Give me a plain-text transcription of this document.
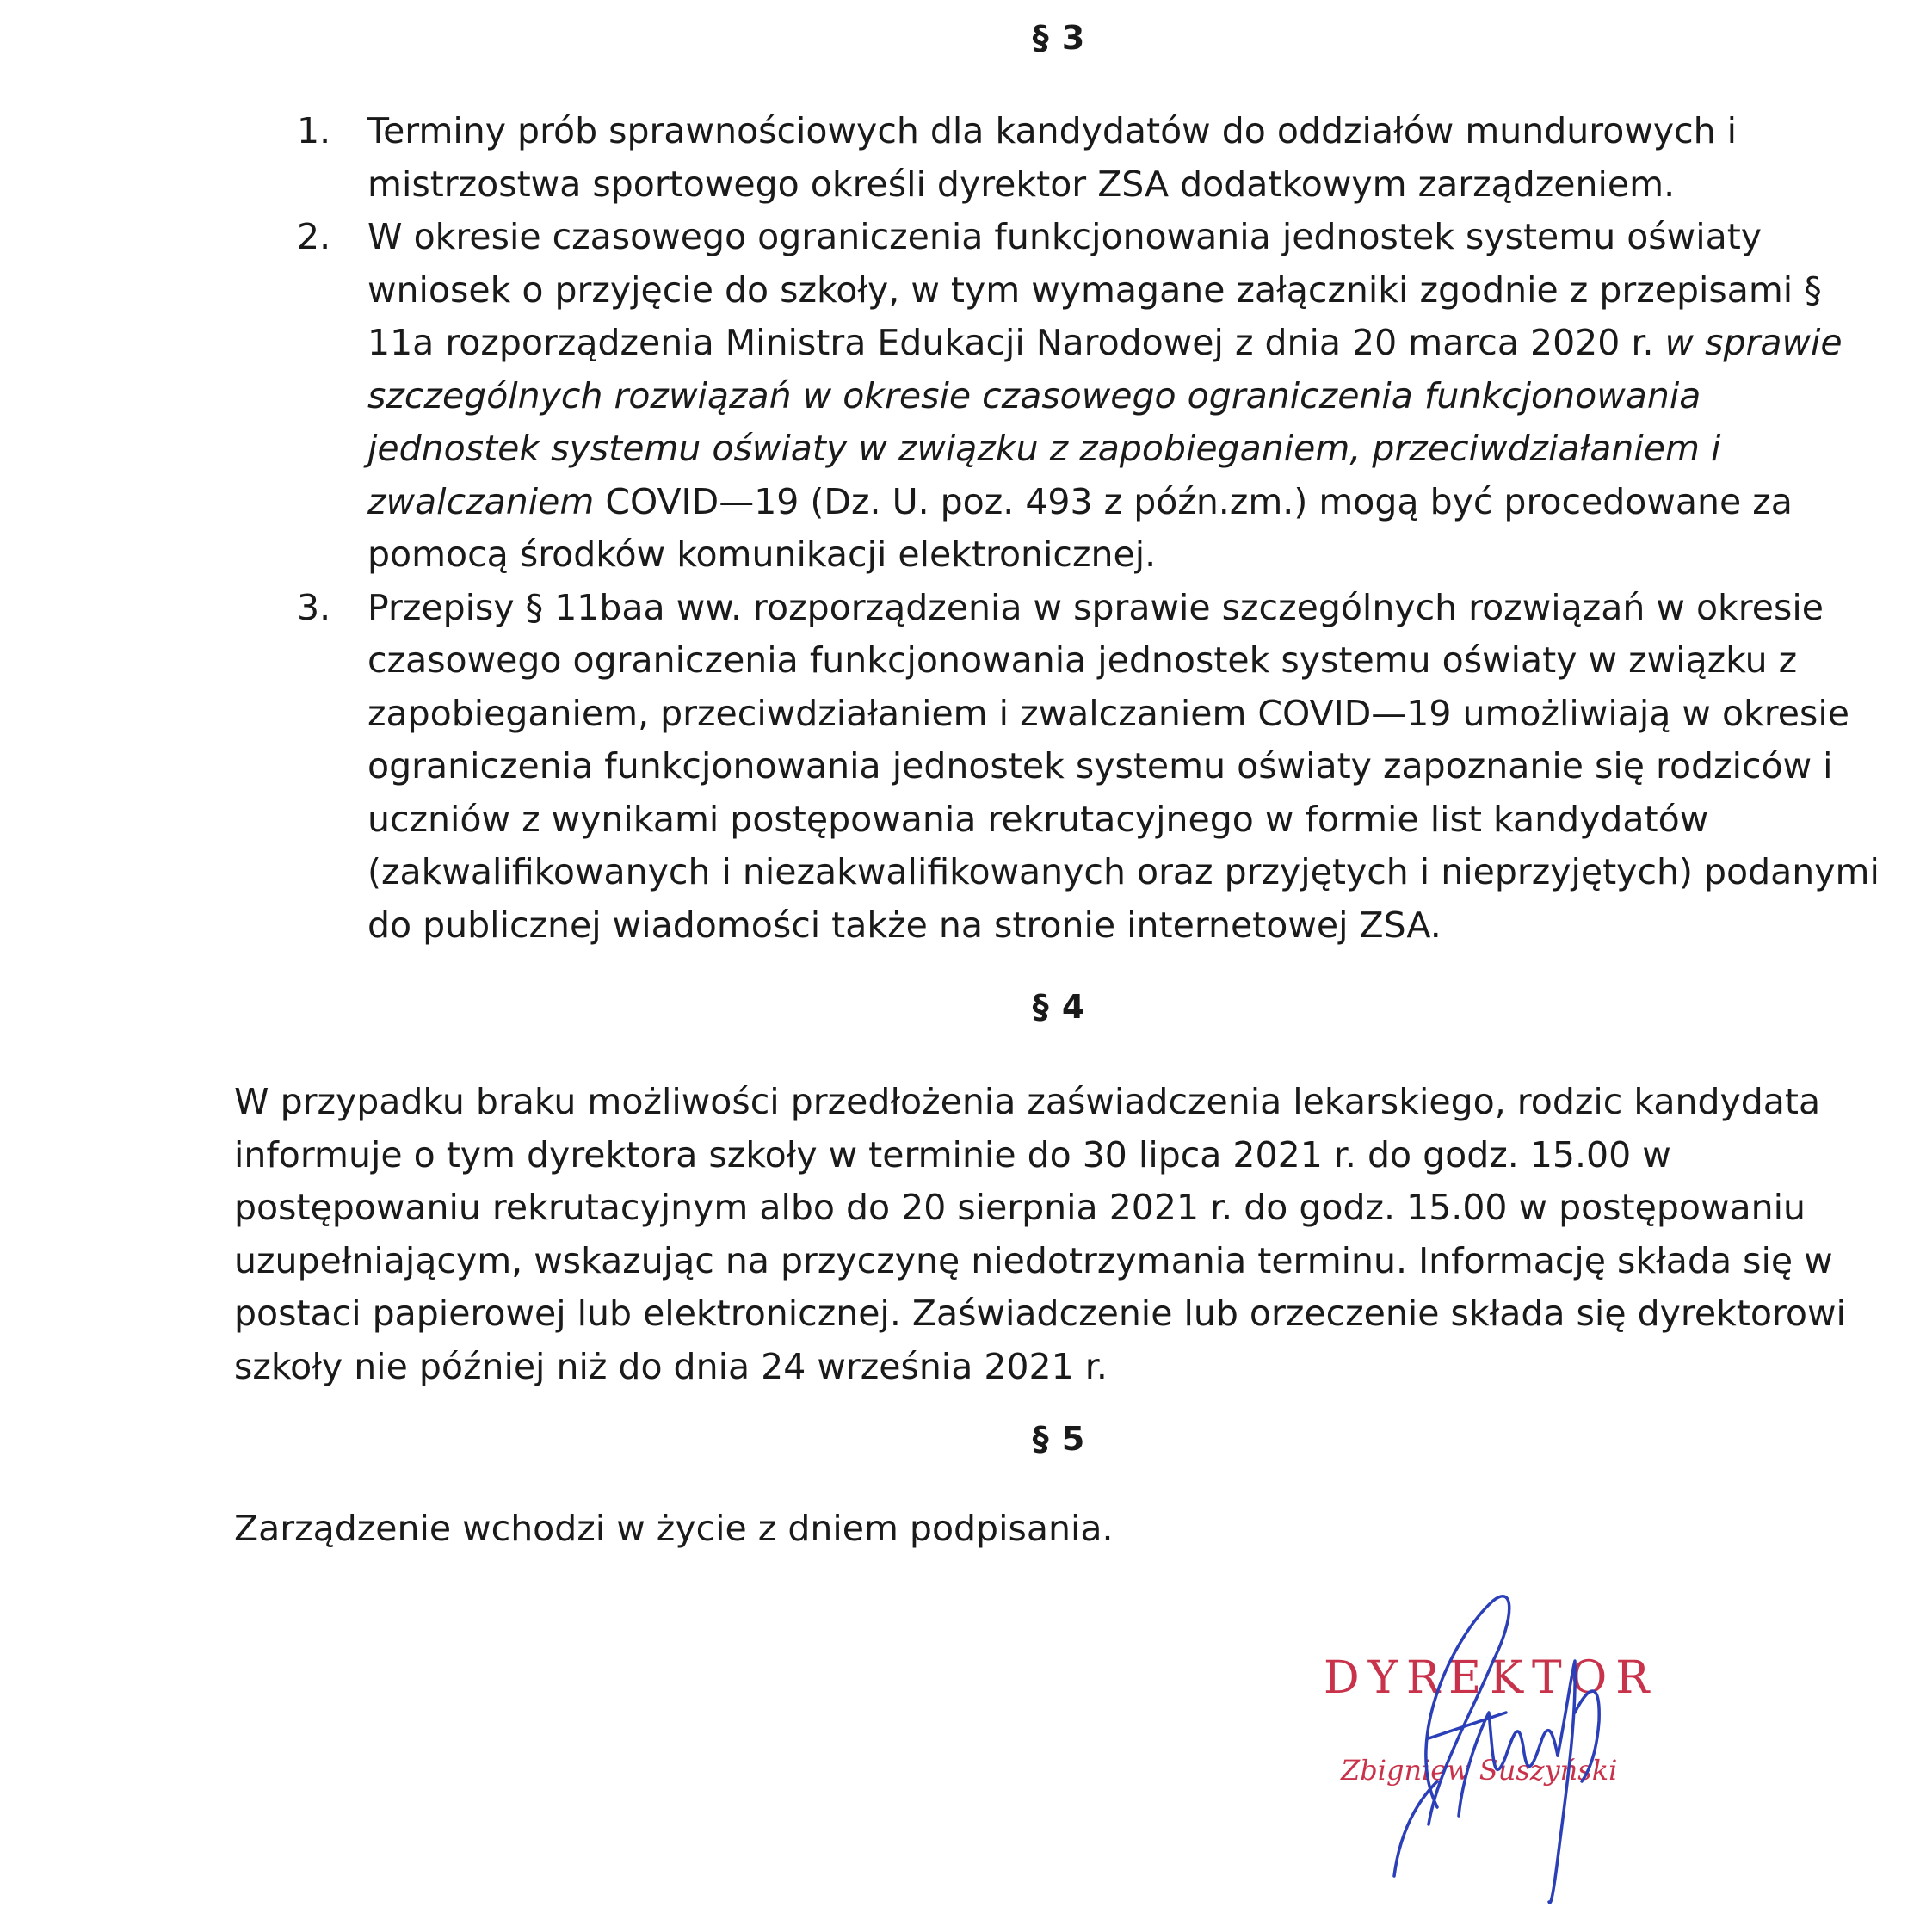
§ 3
1. Terminy prób sprawnościowych dla kandydatów do oddziałów mundurowych i mistrzostwa sportowego określi dyrektor ZSA dodatkowym zarządzeniem.
2. W okresie czasowego ograniczenia funkcjonowania jednostek systemu oświaty wniosek o przyjęcie do szkoły, w tym wymagane załączniki zgodnie z przepisami § 11a rozporządzenia Ministra Edukacji Narodowej z dnia 20 marca 2020 r. w sprawie szczególnych rozwiązań w okresie czasowego ograniczenia funkcjonowania jednostek systemu oświaty w związku z zapobieganiem, przeciwdziałaniem i zwalczaniem COVID—19 (Dz. U. poz. 493 z późn.zm.) mogą być procedowane za pomocą środków komunikacji elektronicznej.
3. Przepisy § 11baa ww. rozporządzenia w sprawie szczególnych rozwiązań w okresie czasowego ograniczenia funkcjonowania jednostek systemu oświaty w związku z zapobieganiem, przeciwdziałaniem i zwalczaniem COVID—19 umożliwiają w okresie ograniczenia funkcjonowania jednostek systemu oświaty zapoznanie się rodziców i uczniów z wynikami postępowania rekrutacyjnego w formie list kandydatów (zakwalifikowanych i niezakwalifikowanych oraz przyjętych i nieprzyjętych) podanymi do publicznej wiadomości także na stronie internetowej ZSA.
§ 4
W przypadku braku możliwości przedłożenia zaświadczenia lekarskiego, rodzic kandydata informuje o tym dyrektora szkoły w terminie do 30 lipca 2021 r. do godz. 15.00 w postępowaniu rekrutacyjnym albo do 20 sierpnia 2021 r. do godz. 15.00 w postępowaniu uzupełniającym, wskazując na przyczynę niedotrzymania terminu. Informację składa się w postaci papierowej lub elektronicznej. Zaświadczenie lub orzeczenie składa się dyrektorowi szkoły nie później niż do dnia 24 września 2021 r.
§ 5
Zarządzenie wchodzi w życie z dniem podpisania.
DYREKTOR
Zbigniew Suszyński
